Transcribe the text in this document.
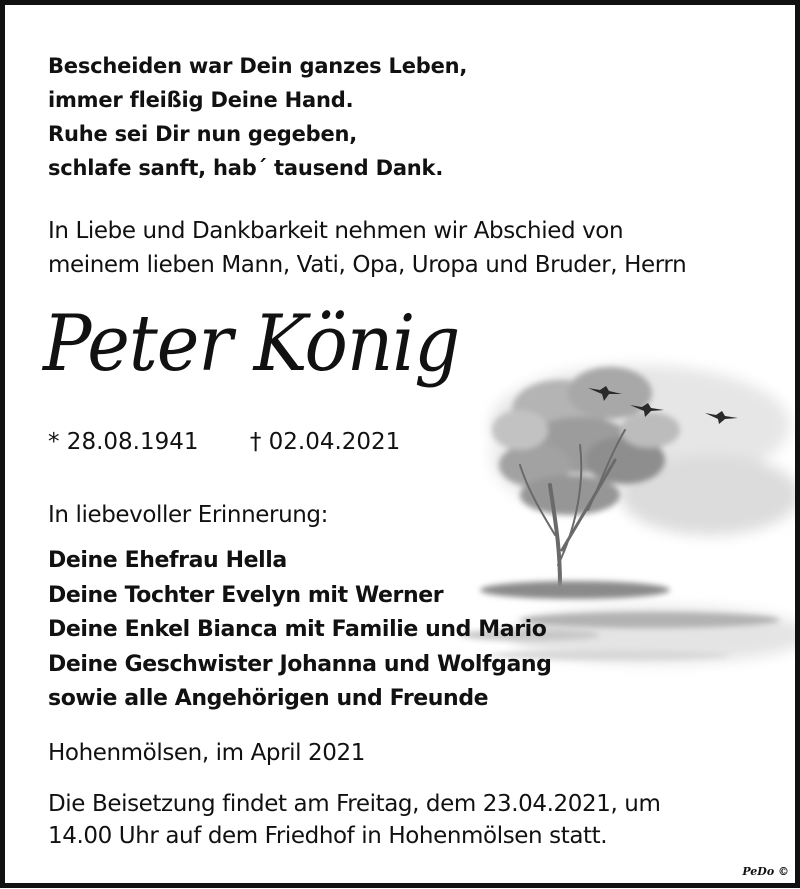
Bescheiden war Dein ganzes Leben,
immer fleißig Deine Hand.
Ruhe sei Dir nun gegeben,
schlafe sanft, hab´ tausend Dank.
In Liebe und Dankbarkeit nehmen wir Abschied von
meinem lieben Mann, Vati, Opa, Uropa und Bruder, Herrn
Peter König
* 28.08.1941 † 02.04.2021
In liebevoller Erinnerung:
Deine Ehefrau Hella
Deine Tochter Evelyn mit Werner
Deine Enkel Bianca mit Familie und Mario
Deine Geschwister Johanna und Wolfgang
sowie alle Angehörigen und Freunde
Hohenmölsen, im April 2021
Die Beisetzung findet am Freitag, dem 23.04.2021, um
14.00 Uhr auf dem Friedhof in Hohenmölsen statt.
PeDo ©
